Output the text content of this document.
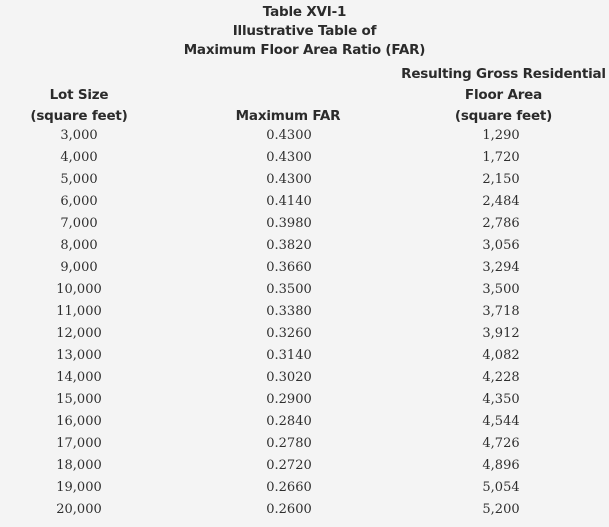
Table XVI-1
Illustrative Table of
Maximum Floor Area Ratio (FAR)
Lot Size
(square feet)	Maximum FAR
Resulting Gross Residential
Floor Area
(square feet)
3,000	0.4300	1,290
4,000	0.4300	1,720
5,000	0.4300	2,150
6,000	0.4140	2,484
7,000	0.3980	2,786
8,000	0.3820	3,056
9,000	0.3660	3,294
10,000	0.3500	3,500
11,000	0.3380	3,718
12,000	0.3260	3,912
13,000	0.3140	4,082
14,000	0.3020	4,228
15,000	0.2900	4,350
16,000	0.2840	4,544
17,000	0.2780	4,726
18,000	0.2720	4,896
19,000	0.2660	5,054
20,000	0.2600	5,200
